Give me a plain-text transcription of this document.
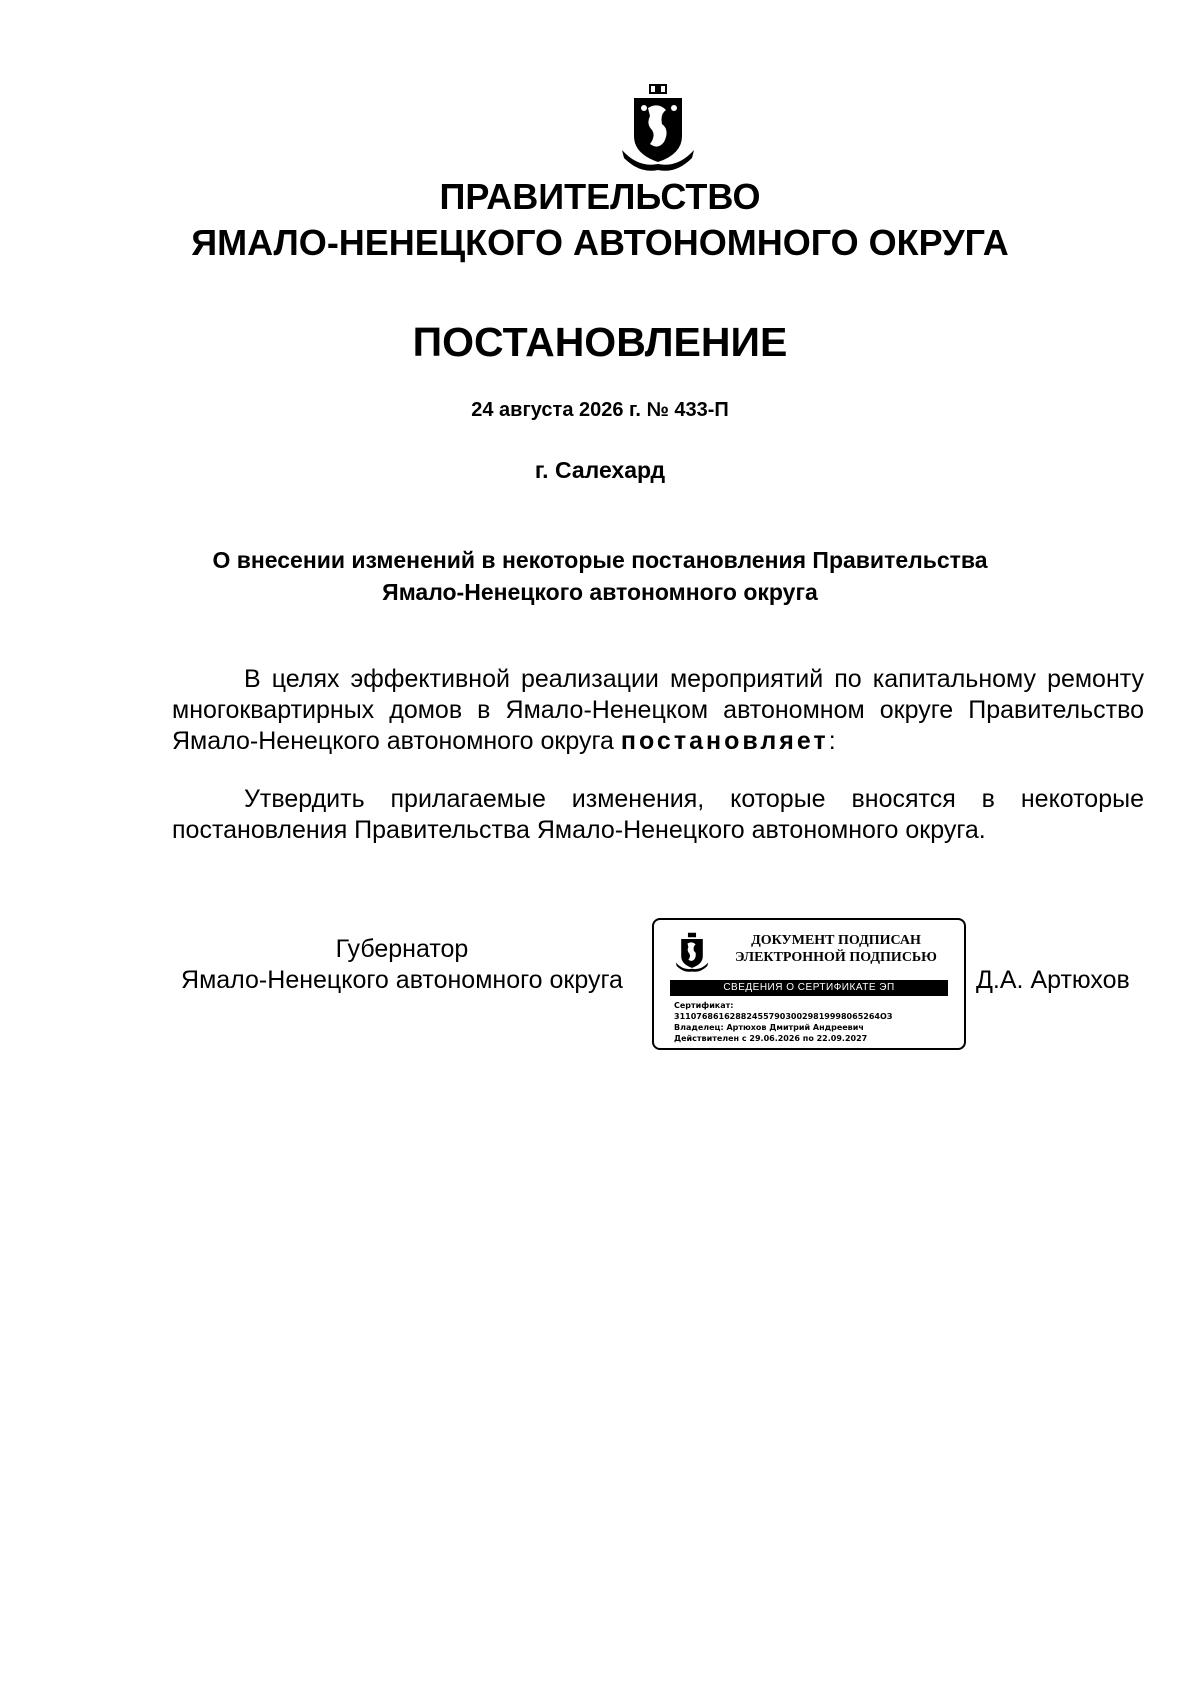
ПРАВИТЕЛЬСТВО
ЯМАЛО-НЕНЕЦКОГО АВТОНОМНОГО ОКРУГА
ПОСТАНОВЛЕНИЕ
24 августа 2026 г. № 433-П
г. Салехард
О внесении изменений в некоторые постановления Правительства
Ямало-Ненецкого автономного округа
В целях эффективной реализации мероприятий по капитальному ремонту многоквартирных домов в Ямало-Ненецком автономном округе Правительство Ямало-Ненецкого автономного округа постановляет:
Утвердить прилагаемые изменения, которые вносятся в некоторые постановления Правительства Ямало-Ненецкого автономного округа.
Губернатор
Ямало-Ненецкого автономного округа
ДОКУМЕНТ ПОДПИСАН
ЭЛЕКТРОННОЙ ПОДПИСЬЮ
СВЕДЕНИЯ О СЕРТИФИКАТЕ ЭП
Сертификат:
3110768616288245579030029819998065264ОЗ
Владелец: Артюхов Дмитрий Андреевич
Действителен с 29.06.2026 по 22.09.2027
Д.А. Артюхов
